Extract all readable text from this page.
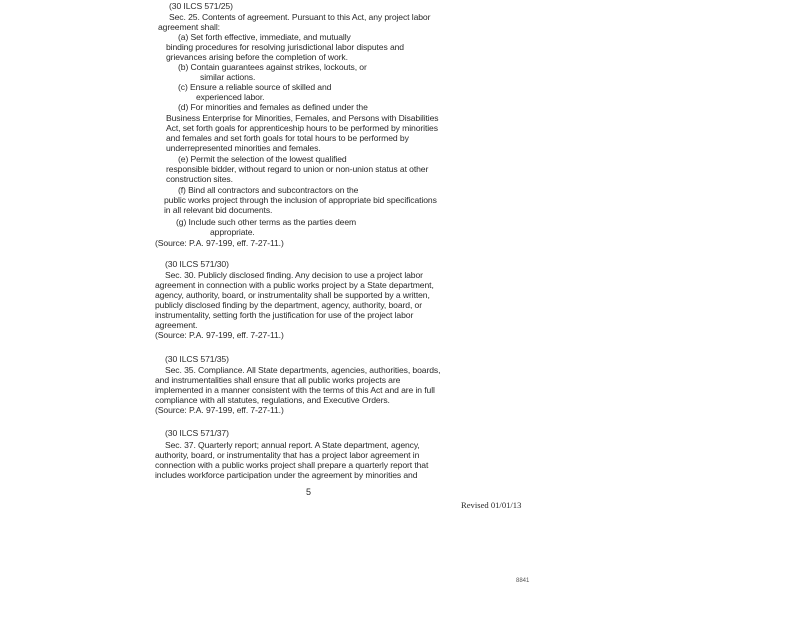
(30 ILCS 571/25)
Sec. 25. Contents of agreement. Pursuant to this Act, any project labor
agreement shall:
(a) Set forth effective, immediate, and mutually
binding procedures for resolving jurisdictional labor disputes and
grievances arising before the completion of work.
(b) Contain guarantees against strikes, lockouts, or
similar actions.
(c) Ensure a reliable source of skilled and
experienced labor.
(d) For minorities and females as defined under the
Business Enterprise for Minorities, Females, and Persons with Disabilities
Act, set forth goals for apprenticeship hours to be performed by minorities
and females and set forth goals for total hours to be performed by
underrepresented minorities and females.
(e) Permit the selection of the lowest qualified
responsible bidder, without regard to union or non-union status at other
construction sites.
(f) Bind all contractors and subcontractors on the
public works project through the inclusion of appropriate bid specifications
in all relevant bid documents.
(g) Include such other terms as the parties deem
appropriate.
(Source: P.A. 97-199, eff. 7-27-11.)
(30 ILCS 571/30)
Sec. 30. Publicly disclosed finding. Any decision to use a project labor
agreement in connection with a public works project by a State department,
agency, authority, board, or instrumentality shall be supported by a written,
publicly disclosed finding by the department, agency, authority, board, or
instrumentality, setting forth the justification for use of the project labor
agreement.
(Source: P.A. 97-199, eff. 7-27-11.)
(30 ILCS 571/35)
Sec. 35. Compliance. All State departments, agencies, authorities, boards,
and instrumentalities shall ensure that all public works projects are
implemented in a manner consistent with the terms of this Act and are in full
compliance with all statutes, regulations, and Executive Orders.
(Source: P.A. 97-199, eff. 7-27-11.)
(30 ILCS 571/37)
Sec. 37. Quarterly report; annual report. A State department, agency,
authority, board, or instrumentality that has a project labor agreement in
connection with a public works project shall prepare a quarterly report that
includes workforce participation under the agreement by minorities and
5
Revised 01/01/13
8841
